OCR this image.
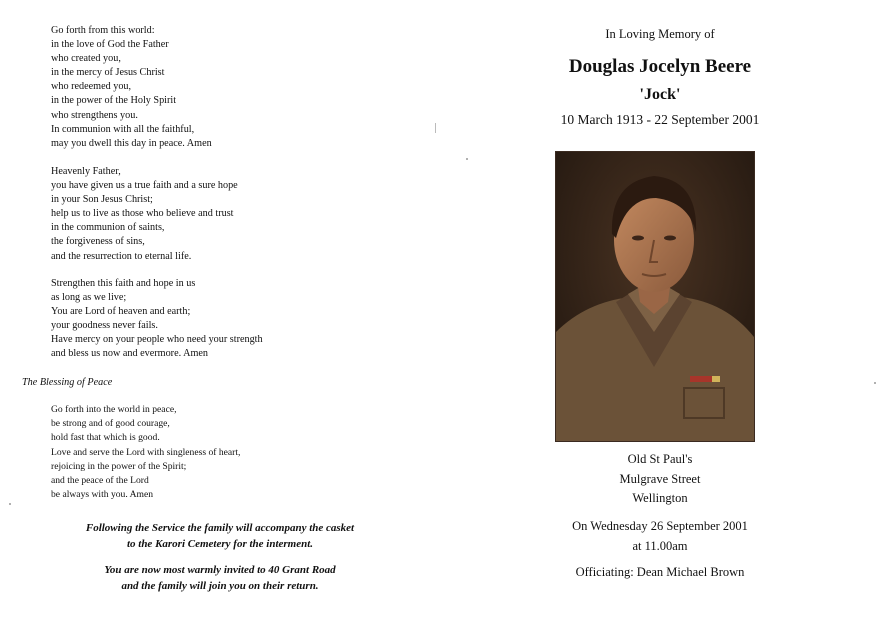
Go forth from this world:
in the love of God the Father
who created you,
in the mercy of Jesus Christ
who redeemed you,
in the power of the Holy Spirit
who strengthens you.
In communion with all the faithful,
may you dwell this day in peace. Amen
Heavenly Father,
you have given us a true faith and a sure hope
in your Son Jesus Christ;
help us to live as those who believe and trust
in the communion of saints,
the forgiveness of sins,
and the resurrection to eternal life.
Strengthen this faith and hope in us
as long as we live;
You are Lord of heaven and earth;
your goodness never fails.
Have mercy on your people who need your strength
and bless us now and evermore. Amen
The Blessing of Peace
Go forth into the world in peace,
be strong and of good courage,
hold fast that which is good.
Love and serve the Lord with singleness of heart,
rejoicing in the power of the Spirit;
and the peace of the Lord
be always with you. Amen
Following the Service the family will accompany the casket
to the Karori Cemetery for the interment.
You are now most warmly invited to 40 Grant Road
and the family will join you on their return.
In Loving Memory of
Douglas Jocelyn Beere
'Jock'
10 March 1913 - 22 September 2001
Old St Paul's
Mulgrave Street
Wellington
On Wednesday 26 September 2001
at 11.00am
Officiating: Dean Michael Brown
